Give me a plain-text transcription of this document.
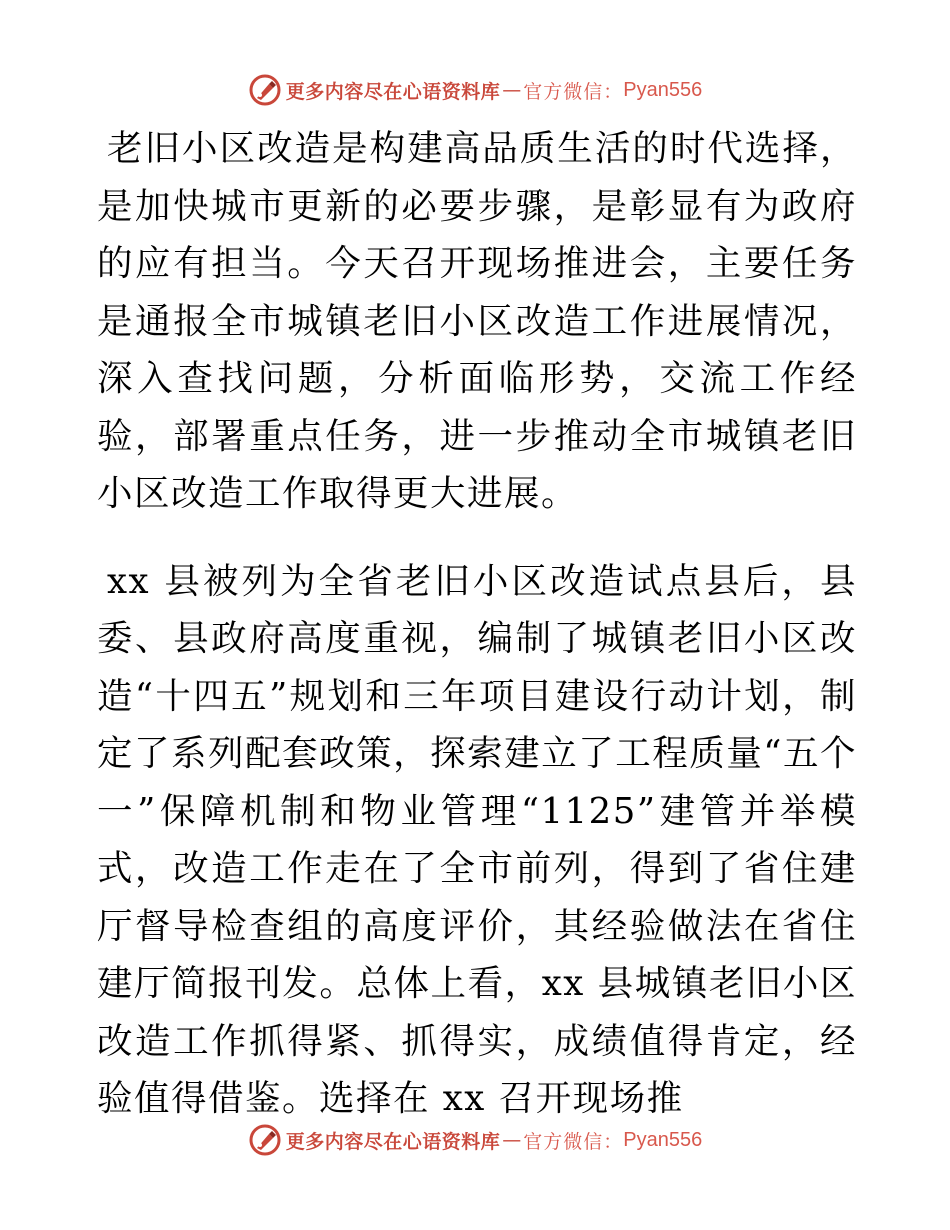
更多内容尽在心语资料库 — 官方微信： Pyan556

老旧小区改造是构建高品质生活的时代选择，是加快城市更新的必要步骤，是彰显有为政府的应有担当。今天召开现场推进会，主要任务是通报全市城镇老旧小区改造工作进展情况，深入查找问题，分析面临形势，交流工作经验，部署重点任务，进一步推动全市城镇老旧小区改造工作取得更大进展。

xx 县被列为全省老旧小区改造试点县后，县委、县政府高度重视，编制了城镇老旧小区改造“十四五”规划和三年项目建设行动计划，制定了系列配套政策，探索建立了工程质量“五个一”保障机制和物业管理“1125”建管并举模式，改造工作走在了全市前列，得到了省住建厅督导检查组的高度评价，其经验做法在省住建厅简报刊发。总体上看，xx 县城镇老旧小区改造工作抓得紧、抓得实，成绩值得肯定，经验值得借鉴。选择在 xx 召开现场推

更多内容尽在心语资料库 — 官方微信： Pyan556
